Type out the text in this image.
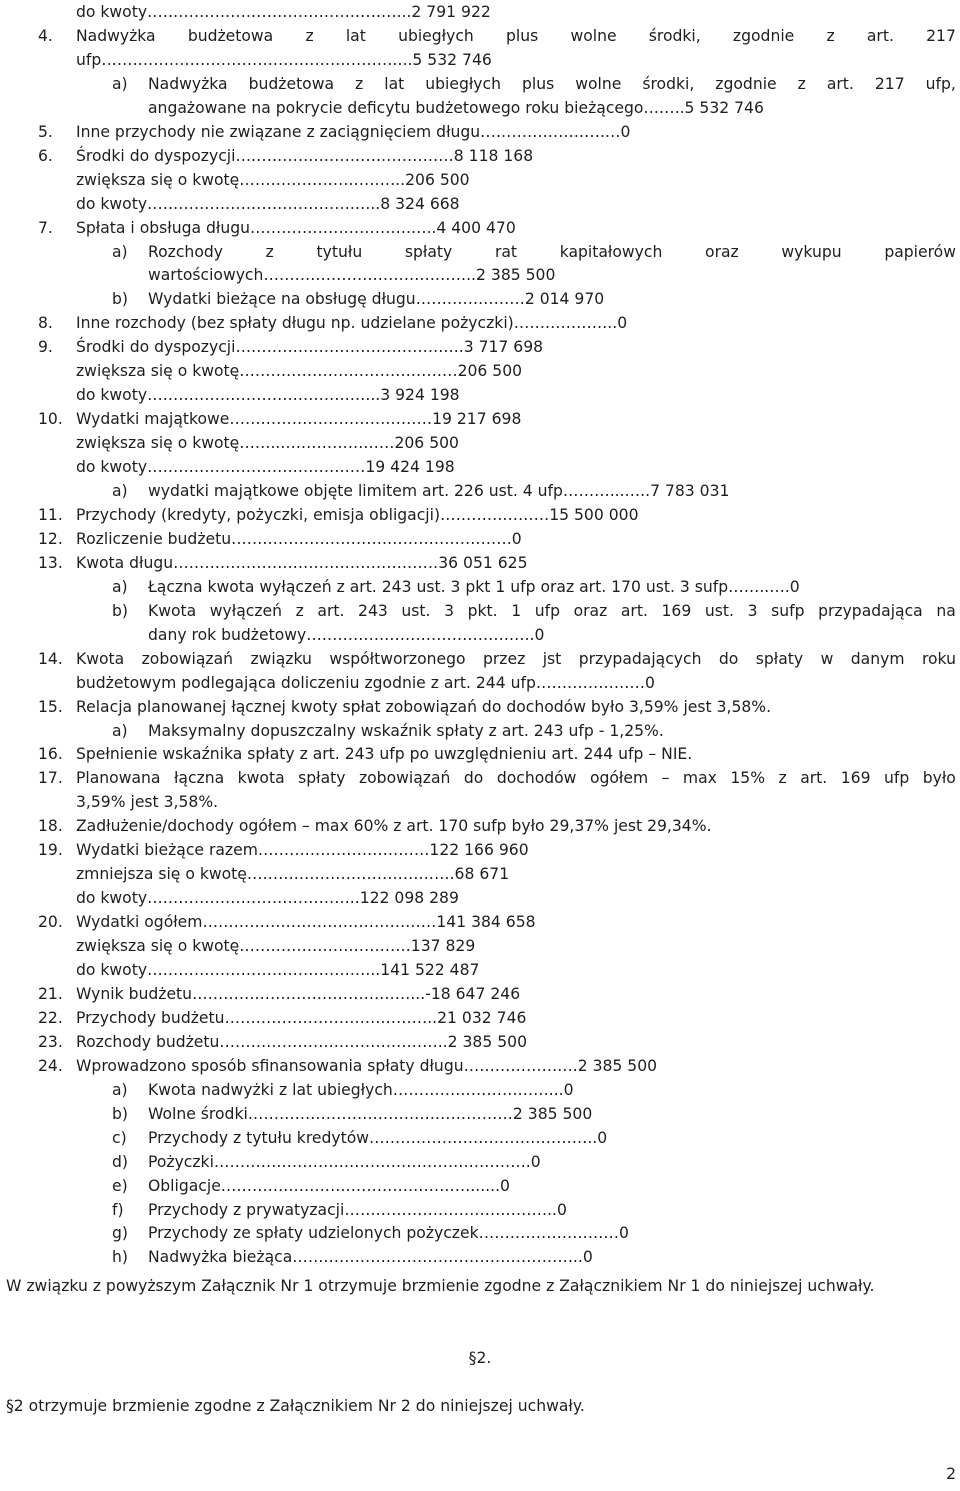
do kwoty…………………………………………...2 791 922
4. Nadwyżka budżetowa z lat ubiegłych plus wolne środki, zgodnie z art. 217
ufp…………………………………………………...5 532 746
a) Nadwyżka budżetowa z lat ubiegłych plus wolne środki, zgodnie z art. 217 ufp,
angażowane na pokrycie deficytu budżetowego roku bieżącego……..5 532 746
5. Inne przychody nie związane z zaciągnięciem długu………………………0
6. Środki do dyspozycji……………………………………8 118 168
zwiększa się o kwotę…………………………..206 500
do kwoty……………………………………...8 324 668
7. Spłata i obsługa długu……………………………...4 400 470
a) Rozchody	z	tytułu	spłaty	rat	kapitałowych	oraz	wykupu	papierów
wartościowych…………………………………..2 385 500
b) Wydatki bieżące na obsługę długu…………………2 014 970
8. Inne rozchody (bez spłaty długu np. udzielane pożyczki)………………..0
9. Środki do dyspozycji……………………………………..3 717 698
zwiększa się o kwotę……………………………………206 500
do kwoty……………………………………...3 924 198
10. Wydatki majątkowe…………………………………19 217 698
zwiększa się o kwotę……...…………………206 500
do kwoty……………………………………19 424 198
a) wydatki majątkowe objęte limitem art. 226 ust. 4 ufp………...…..7 783 031
11. Przychody (kredyty, pożyczki, emisja obligacji)…………………15 500 000
12. Rozliczenie budżetu………………………………………………0
13. Kwota długu……………………………………………36 051 625
a) Łączna kwota wyłączeń z art. 243 ust. 3 pkt 1 ufp oraz art. 170 ust. 3 sufp……..….0
b) Kwota wyłączeń z art. 243 ust. 3 pkt. 1 ufp oraz art. 169 ust. 3 sufp przypadająca na
dany rok budżetowy……………………………………..0
14. Kwota zobowiązań związku współtworzonego przez jst przypadających do spłaty w danym roku
budżetowym podlegająca doliczeniu zgodnie z art. 244 ufp…………………0
15. Relacja planowanej łącznej kwoty spłat zobowiązań do dochodów było 3,59% jest 3,58%.
a) Maksymalny dopuszczalny wskaźnik spłaty z art. 243 ufp - 1,25%.
16. Spełnienie wskaźnika spłaty z art. 243 ufp po uwzględnieniu art. 244 ufp – NIE.
17. Planowana łączna kwota spłaty zobowiązań do dochodów ogółem – max 15% z art. 169 ufp było
3,59% jest 3,58%.
18. Zadłużenie/dochody ogółem – max 60% z art. 170 sufp było 29,37% jest 29,34%.
19. Wydatki bieżące razem……………………………122 166 960
zmniejsza się o kwotę………………………………….68 671
do kwoty…………………………………..122 098 289
20. Wydatki ogółem………………………………………141 384 658
zwiększa się o kwotę……………………………137 829
do kwoty……………………………………...141 522 487
21. Wynik budżetu……………………………………...-18 647 246
22. Przychody budżetu…………………………………..21 032 746
23. Rozchody budżetu……………………………………..2 385 500
24. Wprowadzono sposób sfinansowania spłaty długu………………….2 385 500
a) Kwota nadwyżki z lat ubiegłych…………………………...0
b) Wolne środki……………………………………………2 385 500
c) Przychody z tytułu kredytów……………………………………..0
d) Pożyczki…………………………………………………….0
e) Obligacje…………………………………………......0
f) Przychody z prywatyzacji…………………………………..0
g) Przychody ze spłaty udzielonych pożyczek………………………0
h) Nadwyżka bieżąca………………………………………………..0
W związku z powyższym Załącznik Nr 1 otrzymuje brzmienie zgodne z Załącznikiem Nr 1 do niniejszej uchwały.
§2.
§2 otrzymuje brzmienie zgodne z Załącznikiem Nr 2 do niniejszej uchwały.
2
